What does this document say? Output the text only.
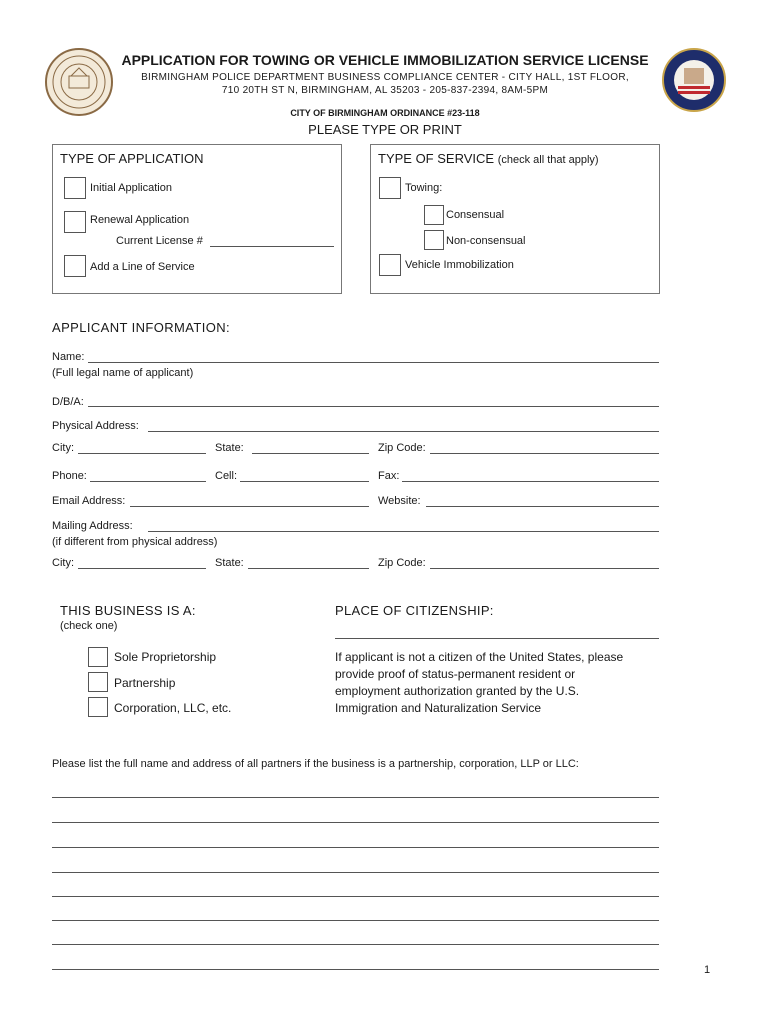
APPLICATION FOR TOWING OR VEHICLE IMMOBILIZATION SERVICE LICENSE
BIRMINGHAM POLICE DEPARTMENT BUSINESS COMPLIANCE CENTER - CITY HALL, 1ST FLOOR,
710 20TH ST N, BIRMINGHAM, AL 35203 - 205-837-2394, 8AM-5PM
CITY OF BIRMINGHAM ORDINANCE #23-118
PLEASE TYPE OR PRINT
TYPE OF APPLICATION
Initial Application
Renewal Application
Current License #
Add a Line of Service
TYPE OF SERVICE (check all that apply)
Towing:
Consensual
Non-consensual
Vehicle Immobilization
APPLICANT INFORMATION:
Name:
(Full legal name of applicant)
D/B/A:
Physical Address:
City:	State:	Zip Code:
Phone:	Cell:	Fax:
Email Address:	Website:
Mailing Address:
(if different from physical address)
City:	State:	Zip Code:
THIS BUSINESS IS A:
(check one)
Sole Proprietorship
Partnership
Corporation, LLC, etc.
PLACE OF CITIZENSHIP:
If applicant is not a citizen of the United States, please
provide proof of status-permanent resident or
employment authorization granted by the U.S.
Immigration and Naturalization Service
Please list the full name and address of all partners if the business is a partnership, corporation, LLP or LLC:
1
